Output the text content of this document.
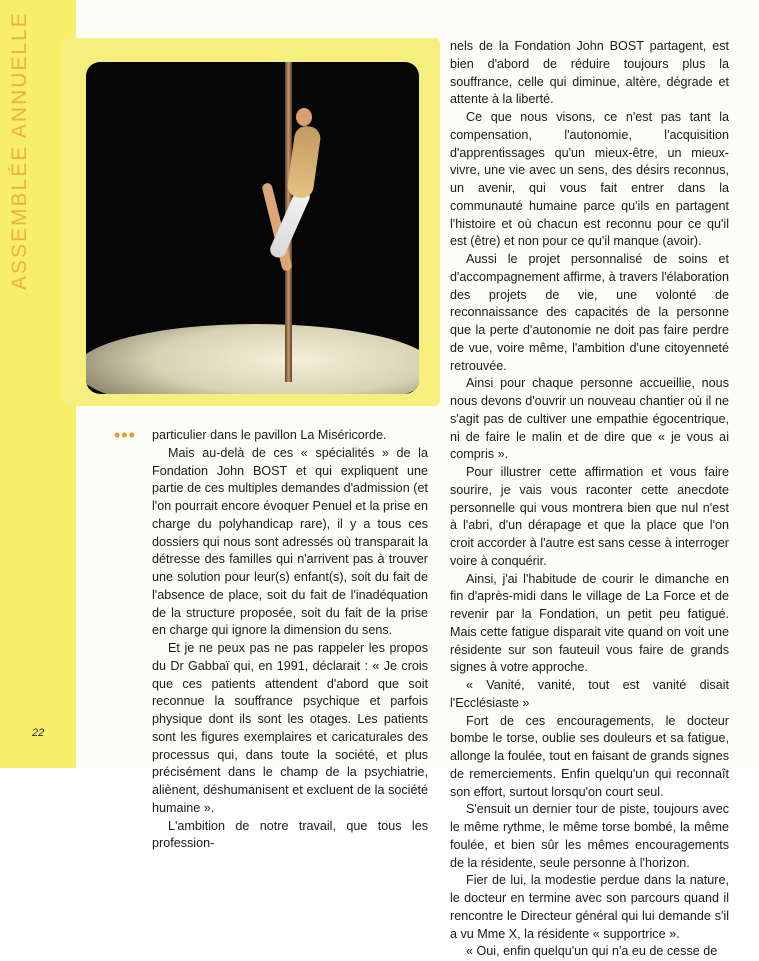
ASSEMBLÉE ANNUELLE
••• particulier dans le pavillon La Miséricorde.

Mais au-delà de ces « spécialités » de la Fondation John BOST et qui expliquent une partie de ces multiples demandes d'admission (et l'on pourrait encore évoquer Penuel et la prise en charge du polyhandicap rare), il y a tous ces dossiers qui nous sont adressés où transparait la détresse des familles qui n'arrivent pas à trouver une solution pour leur(s) enfant(s), soit du fait de l'absence de place, soit du fait de l'inadéquation de la structure proposée, soit du fait de la prise en charge qui ignore la dimension du sens.

Et je ne peux pas ne pas rappeler les propos du Dr Gabbaï qui, en 1991, déclarait : « Je crois que ces patients attendent d'abord que soit reconnue la souffrance psychique et parfois physique dont ils sont les otages. Les patients sont les figures exemplaires et caricaturales des processus qui, dans toute la société, et plus précisément dans le champ de la psychiatrie, aliènent, déshumanisent et excluent de la société humaine ».

L'ambition de notre travail, que tous les profession-

nels de la Fondation John BOST partagent, est bien d'abord de réduire toujours plus la souffrance, celle qui diminue, altère, dégrade et attente à la liberté.

Ce que nous visons, ce n'est pas tant la compensation, l'autonomie, l'acquisition d'apprentissages qu'un mieux-être, un mieux-vivre, une vie avec un sens, des désirs reconnus, un avenir, qui vous fait entrer dans la communauté humaine parce qu'ils en partagent l'histoire et où chacun est reconnu pour ce qu'il est (être) et non pour ce qu'il manque (avoir).

Aussi le projet personnalisé de soins et d'accompagnement affirme, à travers l'élaboration des projets de vie, une volonté de reconnaissance des capacités de la personne que la perte d'autonomie ne doit pas faire perdre de vue, voire même, l'ambition d'une citoyenneté retrouvée.

Ainsi pour chaque personne accueillie, nous nous devons d'ouvrir un nouveau chantier où il ne s'agit pas de cultiver une empathie égocentrique, ni de faire le malin et de dire que « je vous ai compris ».

Pour illustrer cette affirmation et vous faire sourire, je vais vous raconter cette anecdote personnelle qui vous montrera bien que nul n'est à l'abri, d'un dérapage et que la place que l'on croit accorder à l'autre est sans cesse à interroger voire à conquérir.

Ainsi, j'ai l'habitude de courir le dimanche en fin d'après-midi dans le village de La Force et de revenir par la Fondation, un petit peu fatigué. Mais cette fatigue disparait vite quand on voit une résidente sur son fauteuil vous faire de grands signes à votre approche.

« Vanité, vanité, tout est vanité disait l'Ecclésiaste »

Fort de ces encouragements, le docteur bombe le torse, oublie ses douleurs et sa fatigue, allonge la foulée, tout en faisant de grands signes de remerciements. Enfin quelqu'un qui reconnaît son effort, surtout lorsqu'on court seul.

S'ensuit un dernier tour de piste, toujours avec le même rythme, le même torse bombé, la même foulée, et bien sûr les mêmes encouragements de la résidente, seule personne à l'horizon.

Fier de lui, la modestie perdue dans la nature, le docteur en termine avec son parcours quand il rencontre le Directeur général qui lui demande s'il a vu Mme X, la résidente « supportrice ».

« Oui, enfin quelqu'un qui n'a eu de cesse de

22
